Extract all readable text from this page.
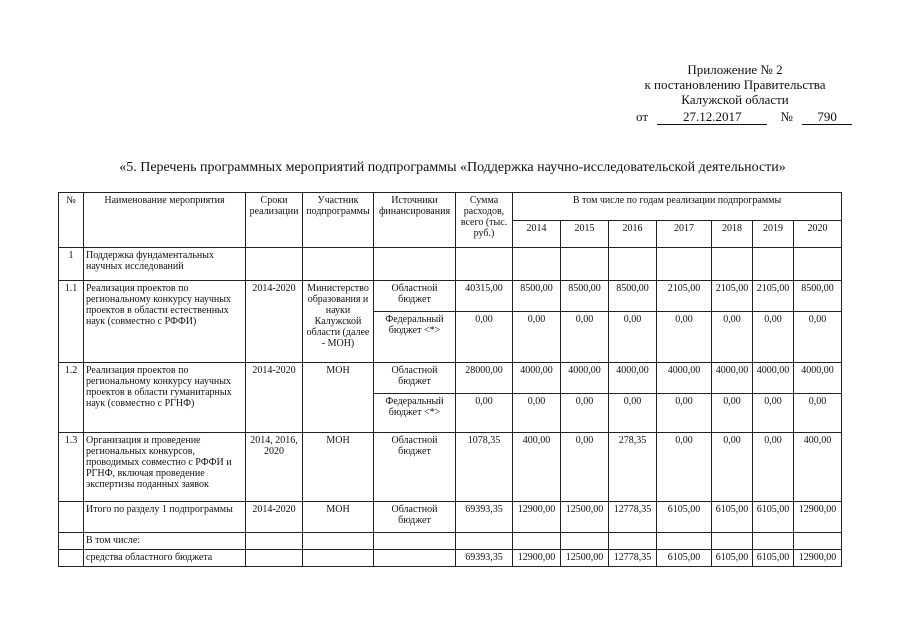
Приложение № 2
к постановлению Правительства
Калужской области
от	27.12.2017	№ 790
«5. Перечень программных мероприятий подпрограммы «Поддержка научно-исследовательской деятельности»
№	Наименование мероприятия	Сроки реализации	Участник подпрограммы	Источники финансирования	Сумма расходов, всего (тыс. руб.)	В том числе по годам реализации подпрограммы						
						2014	2015	2016	2017	2018	2019	2020
1	Поддержка фундаментальных научных исследований											
1.1	Реализация проектов по региональному конкурсу научных проектов в области естественных наук (совместно с РФФИ)	2014-2020	Министерство образования и науки Калужской области (далее - МОН)	Областной бюджет	40315,00	8500,00	8500,00	8500,00	2105,00	2105,00	2105,00	8500,00
				Федеральный бюджет <*>	0,00	0,00	0,00	0,00	0,00	0,00	0,00	0,00
1.2	Реализация проектов по региональному конкурсу научных проектов в области гуманитарных наук (совместно с РГНФ)	2014-2020	МОН	Областной бюджет	28000,00	4000,00	4000,00	4000,00	4000,00	4000,00	4000,00	4000,00
				Федеральный бюджет <*>	0,00	0,00	0,00	0,00	0,00	0,00	0,00	0,00
1.3	Организация и проведение региональных конкурсов, проводимых совместно с РФФИ и РГНФ, включая проведение экспертизы поданных заявок	2014, 2016, 2020	МОН	Областной бюджет	1078,35	400,00	0,00	278,35	0,00	0,00	0,00	400,00
	Итого по разделу 1 подпрограммы	2014-2020	МОН	Областной бюджет	69393,35	12900,00	12500,00	12778,35	6105,00	6105,00	6105,00	12900,00
	В том числе:											
	средства областного бюджета				69393,35	12900,00	12500,00	12778,35	6105,00	6105,00	6105,00	12900,00
